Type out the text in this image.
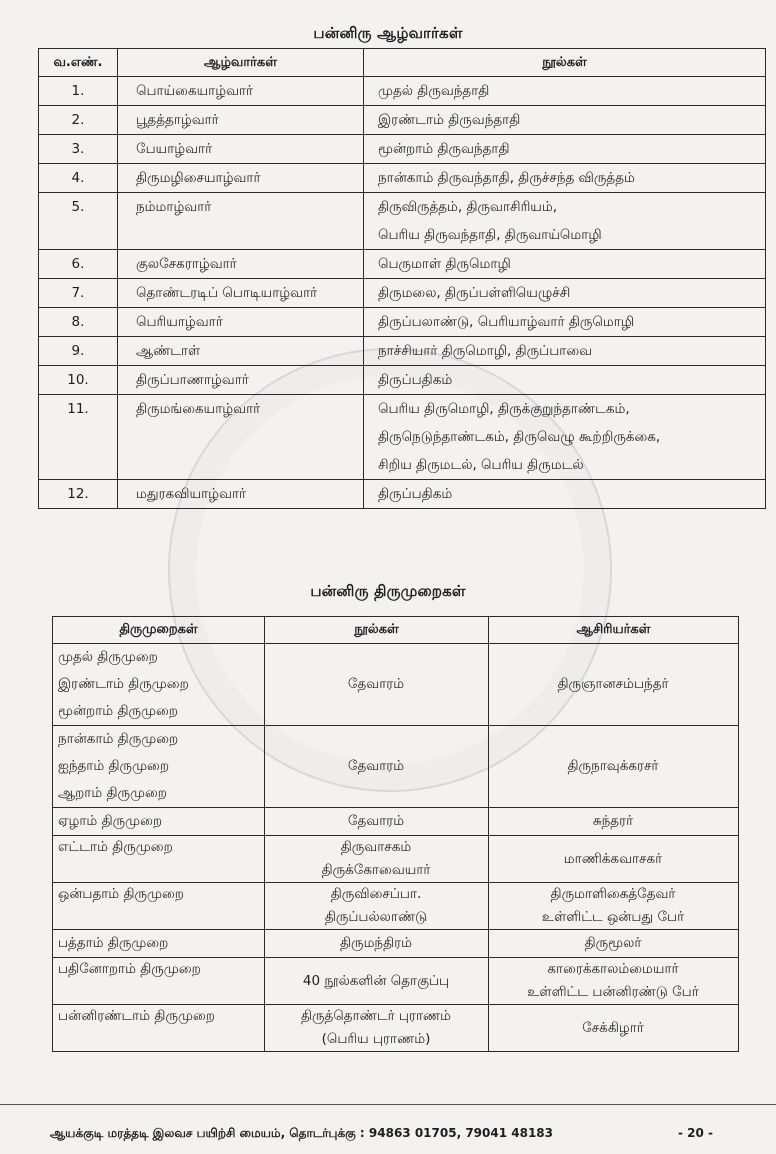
பன்னிரு ஆழ்வார்கள்
வ.எண்.	ஆழ்வார்கள்	நூல்கள்
1.	பொய்கையாழ்வார்	முதல் திருவந்தாதி

2.	பூதத்தாழ்வார்	இரண்டாம் திருவந்தாதி

3.	பேயாழ்வார்	மூன்றாம் திருவந்தாதி

4.	திருமழிசையாழ்வார்	நான்காம் திருவந்தாதி, திருச்சந்த விருத்தம்

5.	நம்மாழ்வார்	திருவிருத்தம், திருவாசிரியம்,
பெரிய திருவந்தாதி, திருவாய்மொழி

6.	குலசேகராழ்வார்	பெருமாள் திருமொழி

7.	தொண்டரடிப் பொடியாழ்வார்	திருமலை, திருப்பள்ளியெழுச்சி

8.	பெரியாழ்வார்	திருப்பலாண்டு, பெரியாழ்வார் திருமொழி

9.	ஆண்டாள்	நாச்சியார் திருமொழி, திருப்பாவை

10.	திருப்பாணாழ்வார்	திருப்பதிகம்

11.	திருமங்கையாழ்வார்	பெரிய திருமொழி, திருக்குறுந்தாண்டகம்,
திருநெடுந்தாண்டகம், திருவெழு கூற்றிருக்கை,
சிறிய திருமடல், பெரிய திருமடல்

12.	மதுரகவியாழ்வார்	திருப்பதிகம்
பன்னிரு திருமுறைகள்
திருமுறைகள்	நூல்கள்	ஆசிரியர்கள்

முதல் திருமுறை
இரண்டாம் திருமுறை
மூன்றாம் திருமுறை	தேவாரம்	திருஞானசம்பந்தர்

நான்காம் திருமுறை
ஐந்தாம் திருமுறை
ஆறாம் திருமுறை	தேவாரம்	திருநாவுக்கரசர்

ஏழாம் திருமுறை	தேவாரம்	சுந்தரர்

எட்டாம் திருமுறை	திருவாசகம்
திருக்கோவையார்	மாணிக்கவாசகர்

ஒன்பதாம் திருமுறை	திருவிசைப்பா.
திருப்பல்லாண்டு	திருமாளிகைத்தேவர்
உள்ளிட்ட ஒன்பது பேர்

பத்தாம் திருமுறை	திருமந்திரம்	திருமூலர்

பதினோறாம் திருமுறை	40 நூல்களின் தொகுப்பு	காரைக்காலம்மையார்
உள்ளிட்ட பன்னிரண்டு பேர்

பன்னிரண்டாம் திருமுறை	திருத்தொண்டர் புராணம்
(பெரிய புராணம்)	சேக்கிழார்
ஆயக்குடி மரத்தடி இலவச பயிற்சி மையம், தொடர்புக்கு : 94863 01705, 79041 48183	- 20 -
